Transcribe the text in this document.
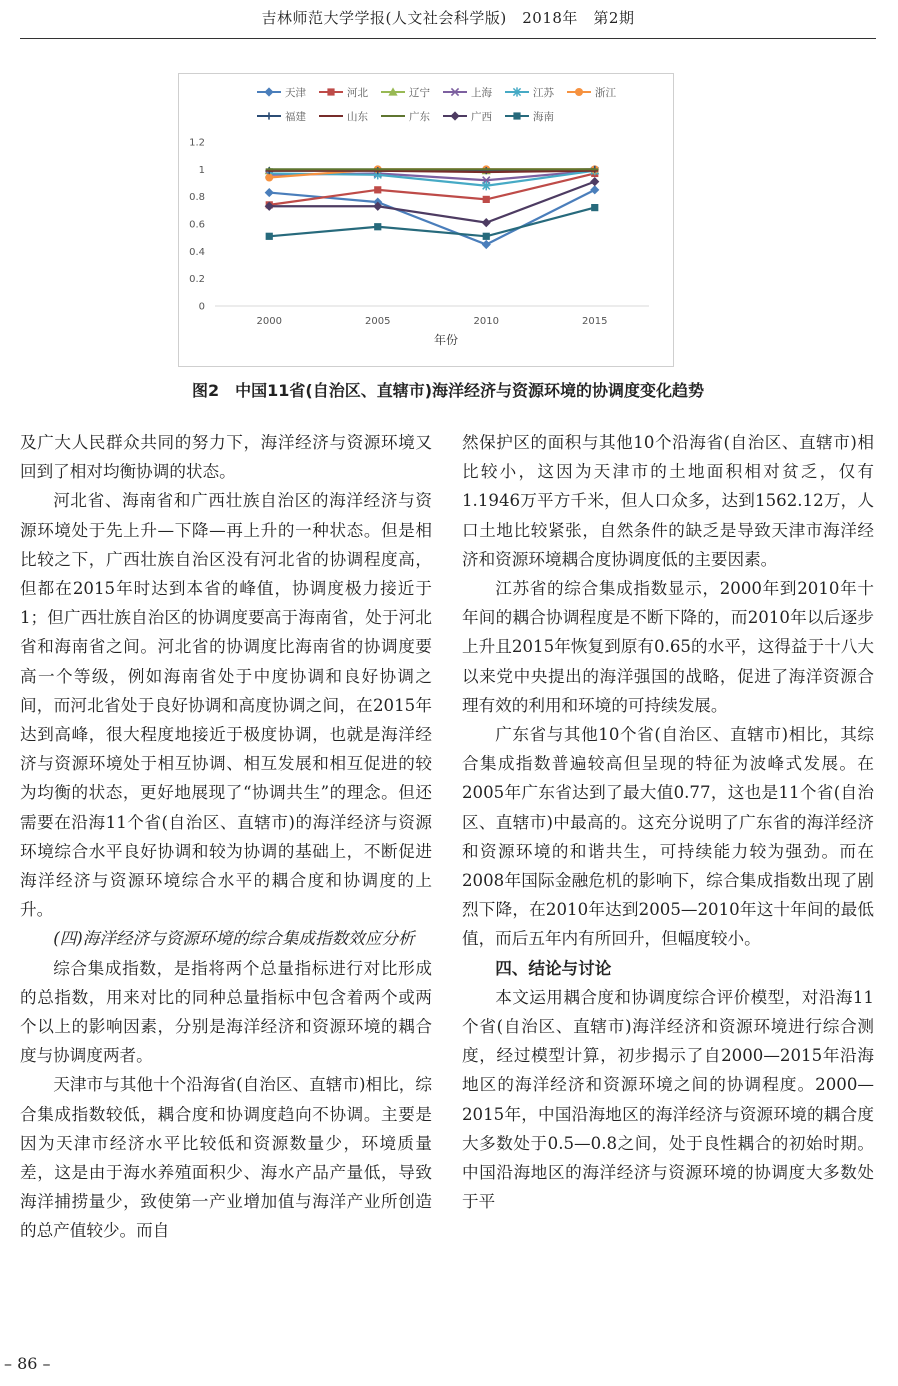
吉林师范大学学报(人文社会科学版)　2018年　第2期
0
0.2
0.4
0.6
0.8
1
1.2
2000	2005	2010	2015
年份
天津	河北	辽宁	上海	江苏	浙江
福建	山东	广东	广西	海南
图2　中国11省(自治区、直辖市)海洋经济与资源环境的协调度变化趋势

及广大人民群众共同的努力下，海洋经济与资源环境又回到了相对均衡协调的状态。

河北省、海南省和广西壮族自治区的海洋经济与资源环境处于先上升—下降—再上升的一种状态。但是相比较之下，广西壮族自治区没有河北省的协调程度高，但都在2015年时达到本省的峰值，协调度极力接近于1；但广西壮族自治区的协调度要高于海南省，处于河北省和海南省之间。河北省的协调度比海南省的协调度要高一个等级，例如海南省处于中度协调和良好协调之间，而河北省处于良好协调和高度协调之间，在2015年达到高峰，很大程度地接近于极度协调，也就是海洋经济与资源环境处于相互协调、相互发展和相互促进的较为均衡的状态，更好地展现了“协调共生”的理念。但还需要在沿海11个省(自治区、直辖市)的海洋经济与资源环境综合水平良好协调和较为协调的基础上，不断促进海洋经济与资源环境综合水平的耦合度和协调度的上升。

(四)海洋经济与资源环境的综合集成指数效应分析

综合集成指数，是指将两个总量指标进行对比形成的总指数，用来对比的同种总量指标中包含着两个或两个以上的影响因素，分别是海洋经济和资源环境的耦合度与协调度两者。

天津市与其他十个沿海省(自治区、直辖市)相比，综合集成指数较低，耦合度和协调度趋向不协调。主要是因为天津市经济水平比较低和资源数量少，环境质量差，这是由于海水养殖面积少、海水产品产量低，导致海洋捕捞量少，致使第一产业增加值与海洋产业所创造的总产值较少。而自

然保护区的面积与其他10个沿海省(自治区、直辖市)相比较小，这因为天津市的土地面积相对贫乏，仅有1.1946万平方千米，但人口众多，达到1562.12万，人口土地比较紧张，自然条件的缺乏是导致天津市海洋经济和资源环境耦合度协调度低的主要因素。

江苏省的综合集成指数显示，2000年到2010年十年间的耦合协调程度是不断下降的，而2010年以后逐步上升且2015年恢复到原有0.65的水平，这得益于十八大以来党中央提出的海洋强国的战略，促进了海洋资源合理有效的利用和环境的可持续发展。

广东省与其他10个省(自治区、直辖市)相比，其综合集成指数普遍较高但呈现的特征为波峰式发展。在2005年广东省达到了最大值0.77，这也是11个省(自治区、直辖市)中最高的。这充分说明了广东省的海洋经济和资源环境的和谐共生，可持续能力较为强劲。而在2008年国际金融危机的影响下，综合集成指数出现了剧烈下降，在2010年达到2005—2010年这十年间的最低值，而后五年内有所回升，但幅度较小。

四、结论与讨论

本文运用耦合度和协调度综合评价模型，对沿海11个省(自治区、直辖市)海洋经济和资源环境进行综合测度，经过模型计算，初步揭示了自2000—2015年沿海地区的海洋经济和资源环境之间的协调程度。2000—2015年，中国沿海地区的海洋经济与资源环境的耦合度大多数处于0.5—0.8之间，处于良性耦合的初始时期。中国沿海地区的海洋经济与资源环境的协调度大多数处于平

– 86 –
